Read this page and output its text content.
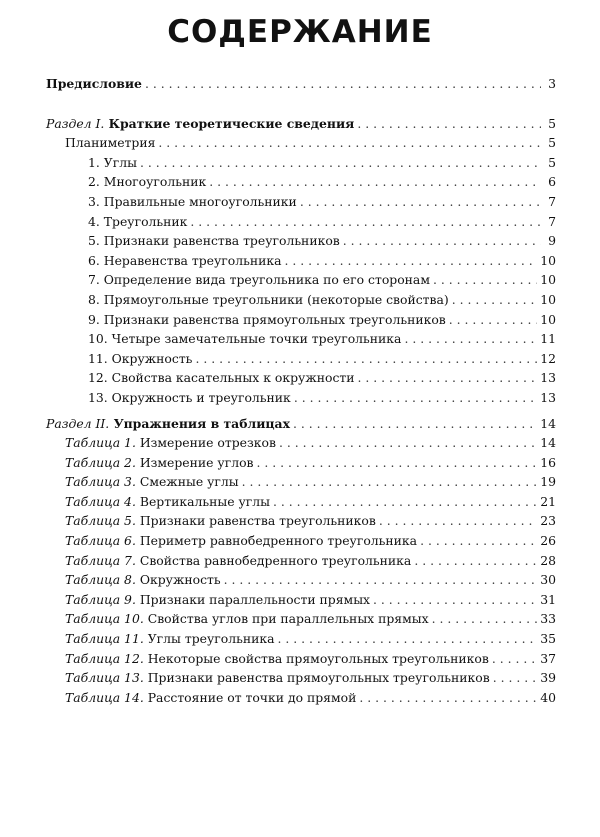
СОДЕРЖАНИЕ
Предисловие . . .	3
Раздел I. Краткие теоретические сведения . . .	5
Планиметрия . . .	5
1. Углы . . .	5
2. Многоугольник . . .	6
3. Правильные многоугольники . . .	7
4. Треугольник . . .	7
5. Признаки равенства треугольников . . .	9
6. Неравенства треугольника . . .	10
7. Определение вида треугольника по его сторонам . . .	10
8. Прямоугольные треугольники (некоторые свойства) . . .	10
9. Признаки равенства прямоугольных треугольников . . .	10
10. Четыре замечательные точки треугольника . . .	11
11. Окружность . . .	12
12. Свойства касательных к окружности . . .	13
13. Окружность и треугольник . . .	13
Раздел II. Упражнения в таблицах . . .	14
Таблица 1. Измерение отрезков . . .	14
Таблица 2. Измерение углов . . .	16
Таблица 3. Смежные углы . . .	19
Таблица 4. Вертикальные углы . . .	21
Таблица 5. Признаки равенства треугольников . . .	23
Таблица 6. Периметр равнобедренного треугольника . . .	26
Таблица 7. Свойства равнобедренного треугольника . . .	28
Таблица 8. Окружность . . .	30
Таблица 9. Признаки параллельности прямых . . .	31
Таблица 10. Свойства углов при параллельных прямых . . .	33
Таблица 11. Углы треугольника . . .	35
Таблица 12. Некоторые свойства прямоугольных треугольников . . .	37
Таблица 13. Признаки равенства прямоугольных треугольников . . .	39
Таблица 14. Расстояние от точки до прямой . . .	40
